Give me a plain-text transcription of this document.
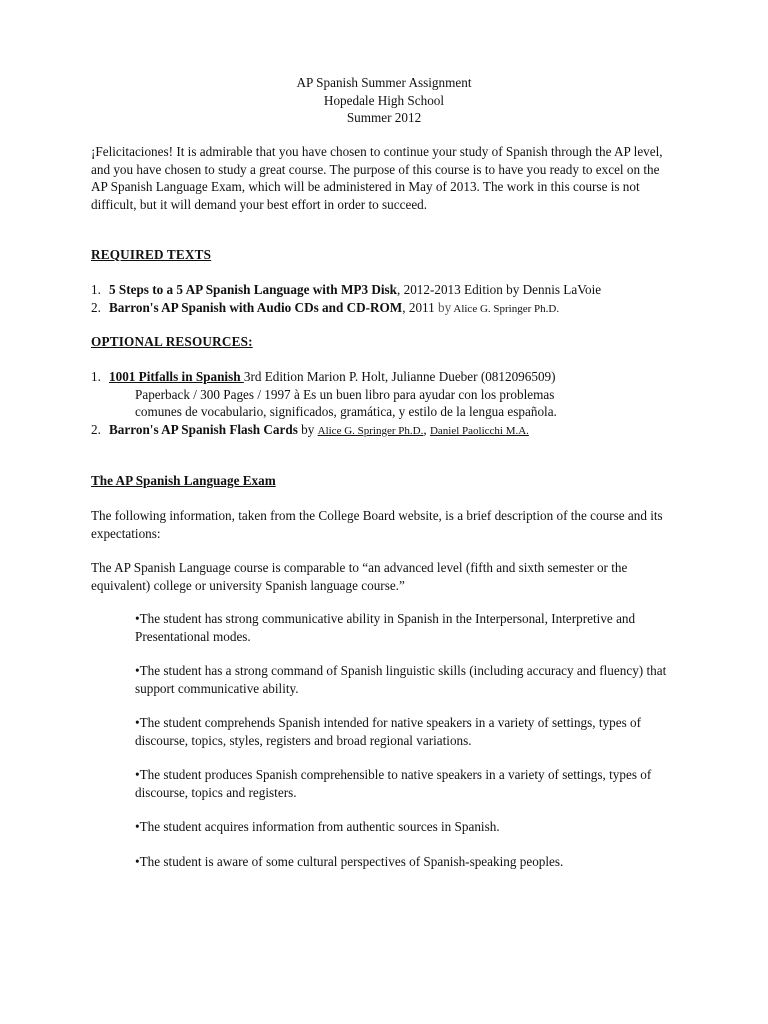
AP Spanish Summer Assignment
Hopedale High School
Summer 2012

¡Felicitaciones! It is admirable that you have chosen to continue your study of Spanish through the AP level, and you have chosen to study a great course. The purpose of this course is to have you ready to excel on the AP Spanish Language Exam, which will be administered in May of 2013. The work in this course is not difficult, but it will demand your best effort in order to succeed.

REQUIRED TEXTS
1. 5 Steps to a 5 AP Spanish Language with MP3 Disk, 2012-2013 Edition by Dennis LaVoie
2. Barron's AP Spanish with Audio CDs and CD-ROM, 2011 by Alice G. Springer Ph.D.
OPTIONAL RESOURCES:
1. 1001 Pitfalls in Spanish 3rd Edition Marion P. Holt, Julianne Dueber (0812096509)
Paperback / 300 Pages / 1997 à Es un buen libro para ayudar con los problemas
comunes de vocabulario, significados, gramática, y estilo de la lengua española.
2. Barron's AP Spanish Flash Cards by Alice G. Springer Ph.D., Daniel Paolicchi M.A.
The AP Spanish Language Exam

The following information, taken from the College Board website, is a brief description of the course and its expectations:

The AP Spanish Language course is comparable to “an advanced level (fifth and sixth semester or the equivalent) college or university Spanish language course.”

•The student has strong communicative ability in Spanish in the Interpersonal, Interpretive and Presentational modes.

•The student has a strong command of Spanish linguistic skills (including accuracy and fluency) that support communicative ability.

•The student comprehends Spanish intended for native speakers in a variety of settings, types of discourse, topics, styles, registers and broad regional variations.

•The student produces Spanish comprehensible to native speakers in a variety of settings, types of discourse, topics and registers.

•The student acquires information from authentic sources in Spanish.

•The student is aware of some cultural perspectives of Spanish-speaking peoples.
